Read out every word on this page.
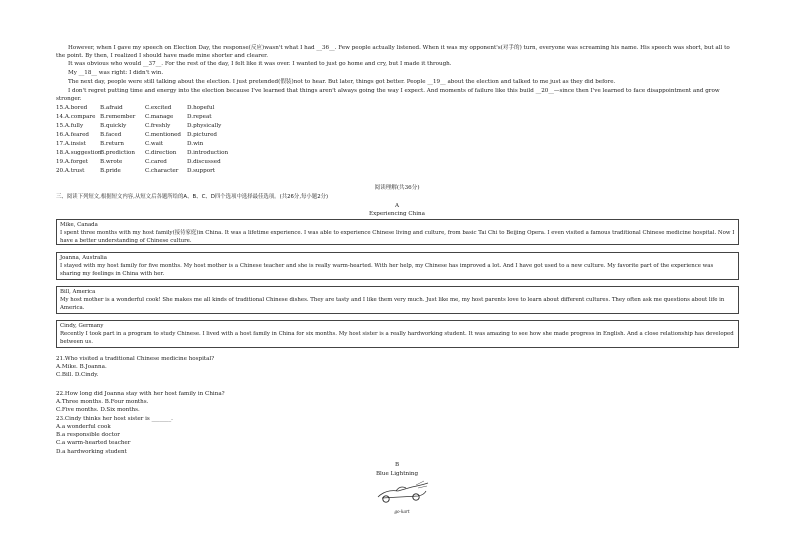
However, when I gave my speech on Election Day, the response(反应)wasn't what I had __36__. Few people actually listened. When it was my opponent's(对手的) turn, everyone was screaming his name. His speech was short, but all to the point. By then, I realized I should have made mine shorter and clearer.
It was obvious who would __37__. For the rest of the day, I felt like it was over. I wanted to just go home and cry, but I made it through.
My __18__ was right: I didn't win.
The next day, people were still talking about the election. I just pretended(假装)not to hear. But later, things got better. People __19__ about the election and talked to me just as they did before.
I don't regret putting time and energy into the election because I've learned that things aren't always going the way I expect. And moments of failure like this build __20__—since then I've learned to face disappointment and grow stronger.
15.A.bored B.afraid	C.excited	D.hopeful
14.A.compare B.remember C.manage D.repeat
15.A.fully	B.quickly	C.freshly	D.physically
16.A.feared B.faced	C.mentioned D.pictured
17.A.insist	B.return	C.wait	D.win
18.A.suggestionB.prediction C.direction D.introduction
19.A.forget B.wrote	C.cared	D.discussed
20.A.trust	B.pride	C.character D.support
阅读理解(共36分)
三、阅读下列短文,根据短文内容,从短文后各题所给的A、B、C、D四个选项中选择最佳选项。(共26分,每小题2分)
A
Experiencing China
Mike, Canada
I spent three months with my host family(接待家庭)in China. It was a lifetime experience. I was able to experience Chinese living and culture, from basic Tai Chi to Beijing Opera. I even visited a famous traditional Chinese medicine hospital. Now I have a better understanding of Chinese culture.
Joanna, Australia
I stayed with my host family for five months. My host mother is a Chinese teacher and she is really warm-hearted. With her help, my Chinese has improved a lot. And I have got used to a new culture. My favorite part of the experience was sharing my feelings in China with her.
Bill, America
My host mother is a wonderful cook! She makes me all kinds of traditional Chinese dishes. They are tasty and I like them very much. Just like me, my host parents love to learn about different cultures. They often ask me questions about life in America.
Cindy, Germany
Recently I took part in a program to study Chinese. I lived with a host family in China for six months. My host sister is a really hardworking student. It was amazing to see how she made progress in English. And a close relationship has developed between us.
21.Who visited a traditional Chinese medicine hospital?
A.Mike. B.Joanna.
C.Bill. D.Cindy.
22.How long did Joanna stay with her host family in China?
A.Three months. B.Four months.
C.Five months. D.Six months.
23.Cindy thinks her host sister is _______.
A.a wonderful cook
B.a responsible doctor
C.a warm-hearted teacher
D.a hardworking student
B
Blue Lightning
go-kart
